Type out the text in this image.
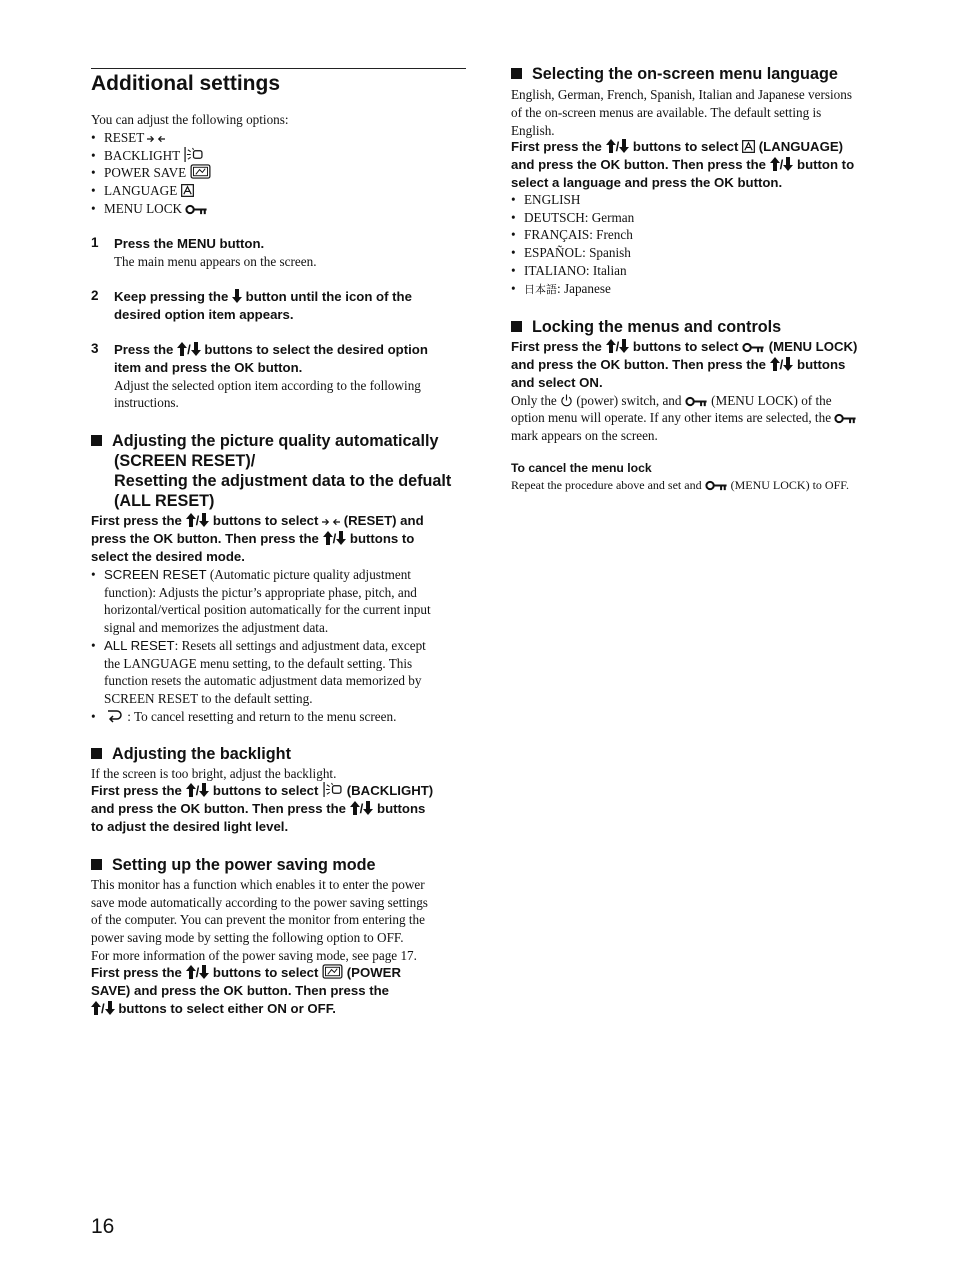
Additional settings
You can adjust the following options:
• RESET
• BACKLIGHT
• POWER SAVE
• LANGUAGE
• MENU LOCK
1 Press the MENU button.
The main menu appears on the screen.
2 Keep pressing the button until the icon of the
desired option item appears.
3 Press the / buttons to select the desired option
item and press the OK button.
Adjust the selected option item according to the following
instructions.
Adjusting the picture quality automatically
(SCREEN RESET)/
Resetting the adjustment data to the defualt
(ALL RESET)
First press the / buttons to select (RESET) and
press the OK button. Then press the / buttons to
select the desired mode.
• SCREEN RESET (Automatic picture quality adjustment
function): Adjusts the pictur’s appropriate phase, pitch, and
horizontal/vertical position automatically for the current input
signal and memorizes the adjustment data.
• ALL RESET: Resets all settings and adjustment data, except
the LANGUAGE menu setting, to the default setting. This
function resets the automatic adjustment data memorized by
SCREEN RESET to the default setting.
• : To cancel resetting and return to the menu screen.
Adjusting the backlight
If the screen is too bright, adjust the backlight.
First press the / buttons to select (BACKLIGHT)
and press the OK button. Then press the / buttons
to adjust the desired light level.
Setting up the power saving mode
This monitor has a function which enables it to enter the power
save mode automatically according to the power saving settings
of the computer. You can prevent the monitor from entering the
power saving mode by setting the following option to OFF.
For more information of the power saving mode, see page 17.
First press the / buttons to select (POWER
SAVE) and press the OK button. Then press the
/ buttons to select either ON or OFF.
Selecting the on-screen menu language
English, German, French, Spanish, Italian and Japanese versions
of the on-screen menus are available. The default setting is
English.
First press the / buttons to select (LANGUAGE)
and press the OK button. Then press the / button to
select a language and press the OK button.
• ENGLISH
• DEUTSCH: German
• FRANÇAIS: French
• ESPAÑOL: Spanish
• ITALIANO: Italian
• 日本語: Japanese
Locking the menus and controls
First press the / buttons to select (MENU LOCK)
and press the OK button. Then press the / buttons
and select ON.
Only the (power) switch, and (MENU LOCK) of the
option menu will operate. If any other items are selected, the
mark appears on the screen.
To cancel the menu lock
Repeat the procedure above and set and (MENU LOCK) to OFF.
16
